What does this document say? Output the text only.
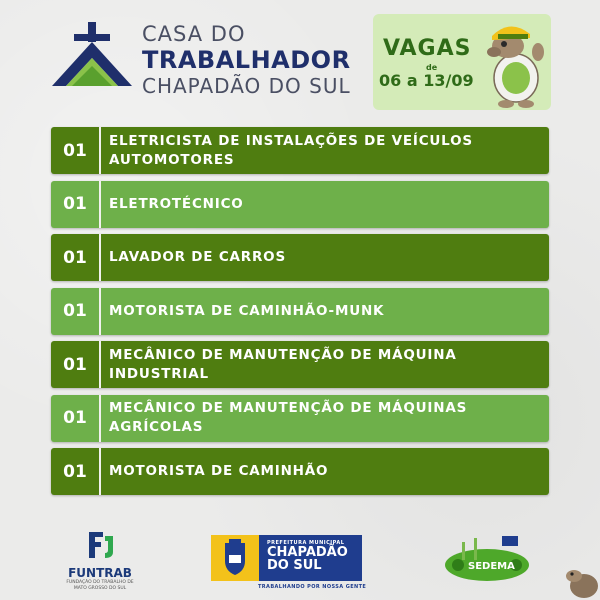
CASA DO
TRABALHADOR
CHAPADÃO DO SUL
VAGAS
de
06 a 13/09
01	ELETRICISTA DE INSTALAÇÕES DE VEÍCULOS AUTOMOTORES
01	ELETROTÉCNICO
01	LAVADOR DE CARROS
01	MOTORISTA DE CAMINHÃO-MUNK
01	MECÂNICO DE MANUTENÇÃO DE MÁQUINA INDUSTRIAL
01	MECÂNICO DE MANUTENÇÃO DE MÁQUINAS AGRÍCOLAS
01	MOTORISTA DE CAMINHÃO
FUNTRAB
FUNDAÇÃO DO TRABALHO DE MATO GROSSO DO SUL
PREFEITURA MUNICIPAL
CHAPADÃO DO SUL
TRABALHANDO POR NOSSA GENTE
SEDEMA
